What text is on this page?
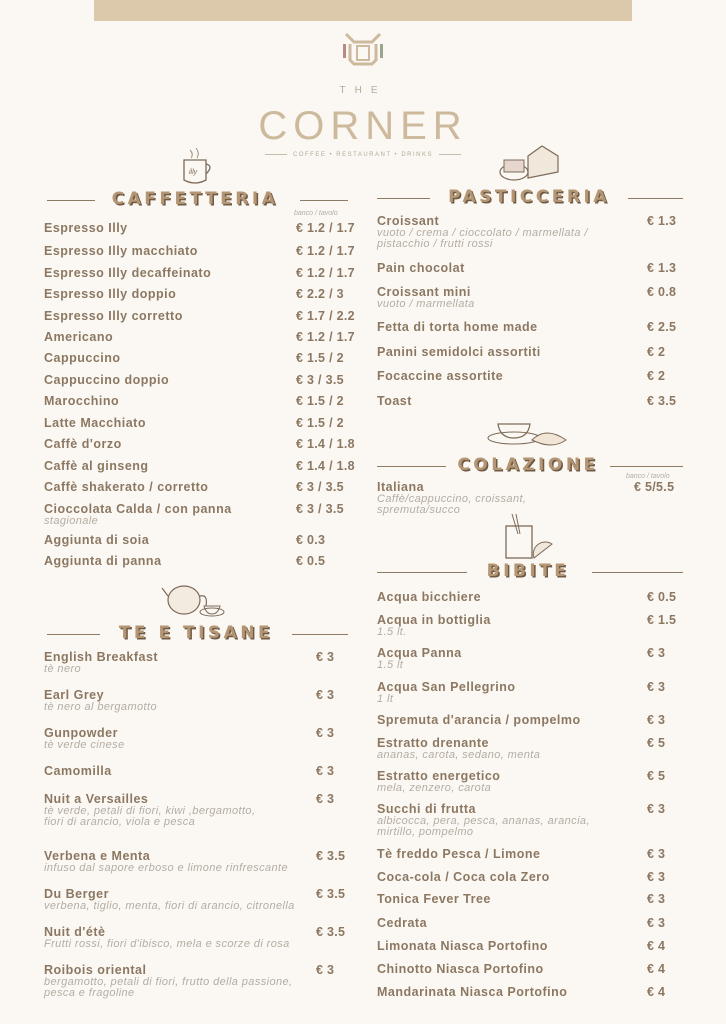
THE
CORNER
COFFEE • RESTAURANT • DRINKS
illy
CAFFETTERIA
banco / tavolo
Espresso Illy	€ 1.2 / 1.7
Espresso Illy macchiato	€ 1.2 / 1.7
Espresso Illy decaffeinato	€ 1.2 / 1.7
Espresso Illy doppio	€ 2.2 / 3
Espresso Illy corretto	€ 1.7 / 2.2
Americano	€ 1.2 / 1.7
Cappuccino	€ 1.5 / 2
Cappuccino doppio	€ 3 / 3.5
Marocchino	€ 1.5 / 2
Latte Macchiato	€ 1.5 / 2
Caffè d'orzo	€ 1.4 / 1.8
Caffè al ginseng	€ 1.4 / 1.8
Caffè shakerato / corretto	€ 3 / 3.5
Cioccolata Calda / con panna	€ 3 / 3.5
stagionale
Aggiunta di soia	€ 0.3
Aggiunta di panna	€ 0.5
TE E TISANE
English Breakfast	€ 3
tè nero
Earl Grey	€ 3
tè nero al bergamotto
Gunpowder	€ 3
tè verde cinese
Camomilla	€ 3
Nuit a Versailles	€ 3
tè verde, petali di fiori, kiwi ,bergamotto,
fiori di arancio, viola e pesca
Verbena e Menta	€ 3.5
infuso dal sapore erboso e limone rinfrescante
Du Berger	€ 3.5
verbena, tiglio, menta, fiori di arancio, citronella
Nuit d'étè	€ 3.5
Frutti rossi, fiori d'ibisco, mela e scorze di rosa
Roibois oriental	€ 3
bergamotto, petali di fiori, frutto della passione,
pesca e fragoline
PASTICCERIA
Croissant	€ 1.3
vuoto / crema / cioccolato / marmellata /
pistacchio / frutti rossi
Pain chocolat	€ 1.3
Croissant mini	€ 0.8
vuoto / marmellata
Fetta di torta home made	€ 2.5
Panini semidolci assortiti	€ 2
Focaccine assortite	€ 2
Toast	€ 3.5
COLAZIONE
banco / tavolo
Italiana	€ 5/5.5
Caffè/cappuccino, croissant,
spremuta/succo
BIBITE
Acqua bicchiere	€ 0.5
Acqua in bottiglia	€ 1.5
1.5 lt.
Acqua Panna	€ 3
1.5 lt
Acqua San Pellegrino	€ 3
1 lt
Spremuta d'arancia / pompelmo	€ 3
Estratto drenante	€ 5
ananas, carota, sedano, menta
Estratto energetico	€ 5
mela, zenzero, carota
Succhi di frutta	€ 3
albicocca, pera, pesca, ananas, arancia,
mirtillo, pompelmo
Tè freddo Pesca / Limone	€ 3
Coca-cola / Coca cola Zero	€ 3
Tonica Fever Tree	€ 3
Cedrata	€ 3
Limonata Niasca Portofino	€ 4
Chinotto Niasca Portofino	€ 4
Mandarinata Niasca Portofino	€ 4
